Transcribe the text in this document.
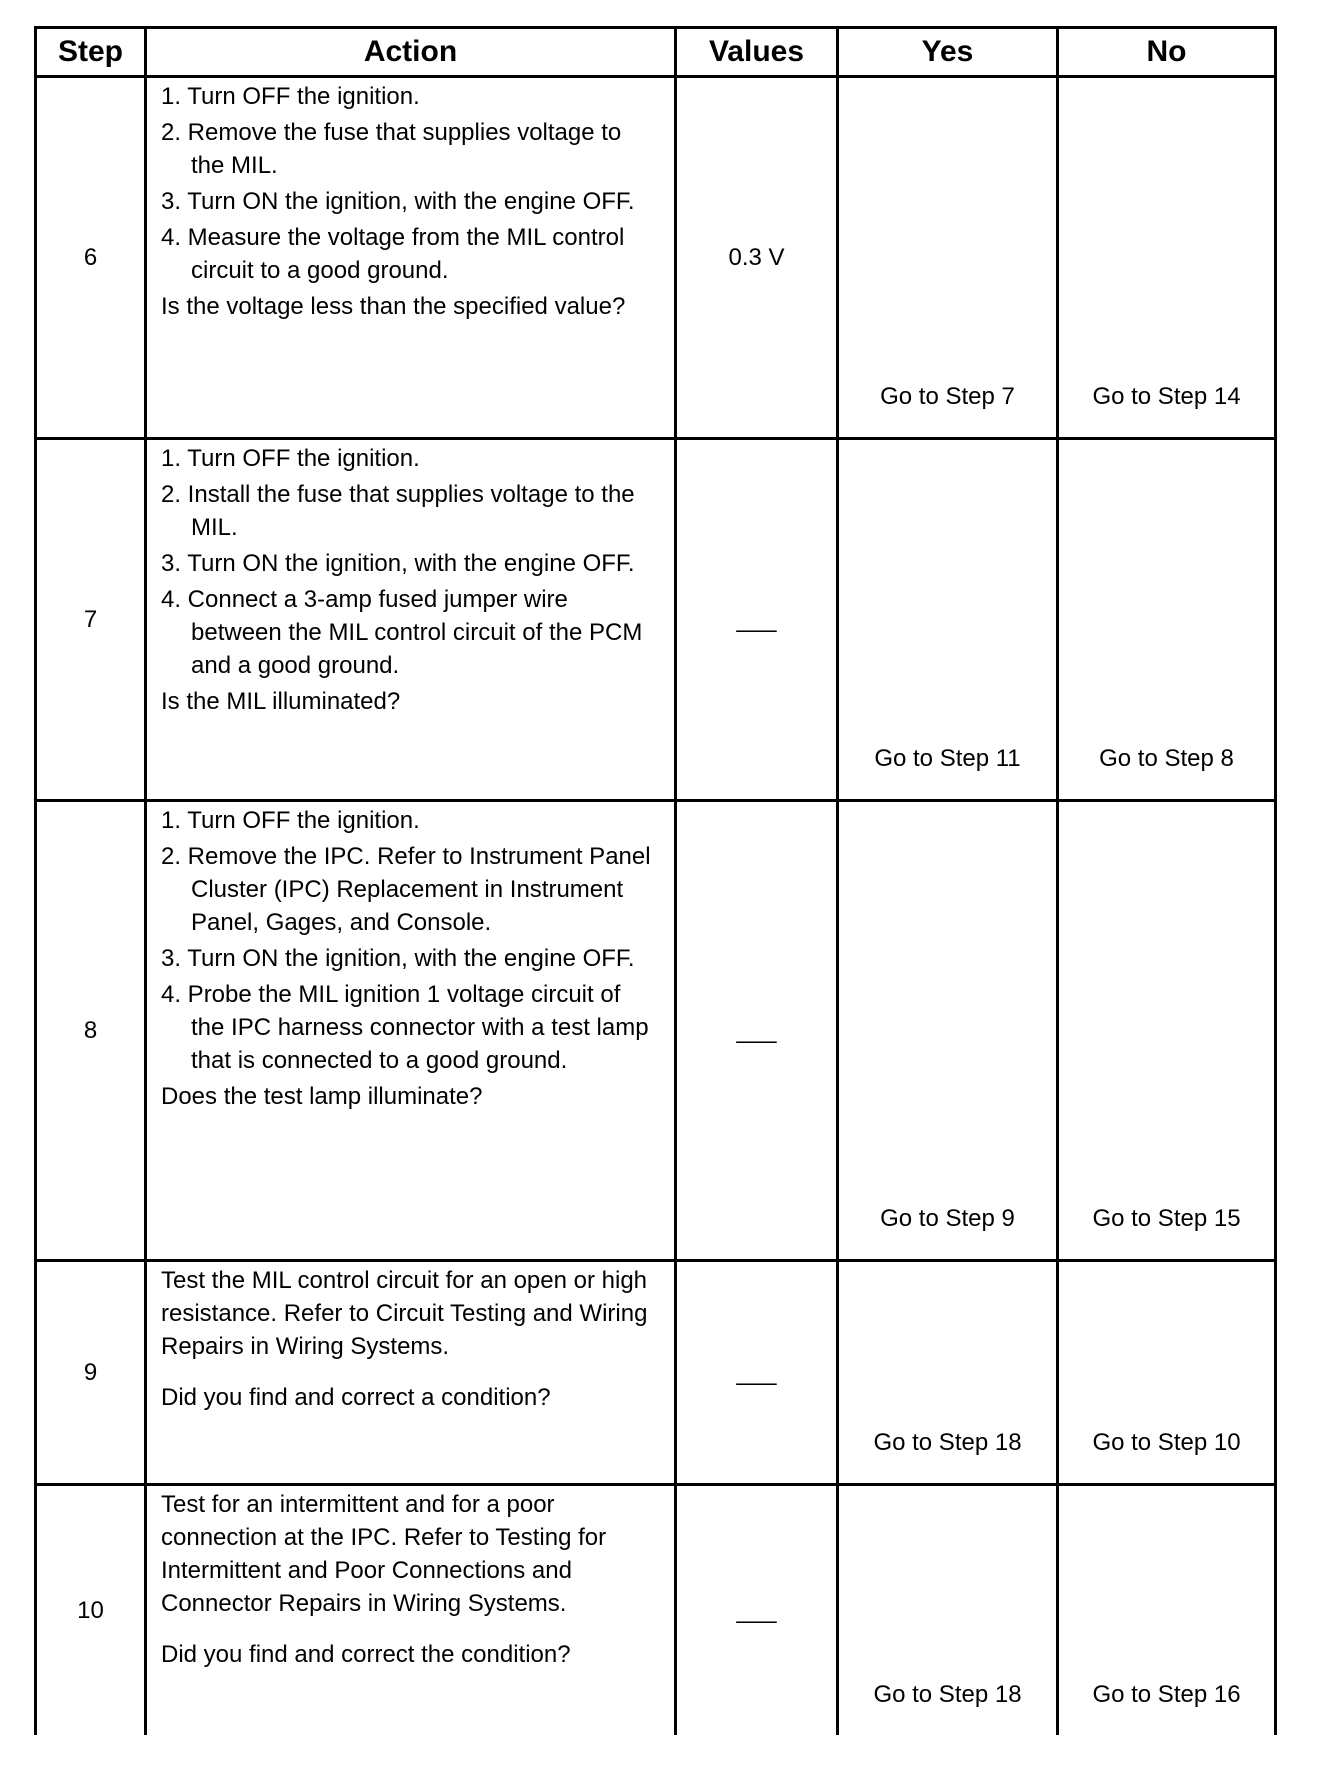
Step	Action	Values	Yes	No
6	1. Turn OFF the ignition.
2. Remove the fuse that supplies voltage to the MIL.
3. Turn ON the ignition, with the engine OFF.
4. Measure the voltage from the MIL control circuit to a good ground.
Is the voltage less than the specified value?	0.3 V	Go to Step 7	Go to Step 14
7	1. Turn OFF the ignition.
2. Install the fuse that supplies voltage to the MIL.
3. Turn ON the ignition, with the engine OFF.
4. Connect a 3-amp fused jumper wire between the MIL control circuit of the PCM and a good ground.
Is the MIL illuminated?	___	Go to Step 11	Go to Step 8
8	1. Turn OFF the ignition.
2. Remove the IPC. Refer to Instrument Panel Cluster (IPC) Replacement in Instrument Panel, Gages, and Console.
3. Turn ON the ignition, with the engine OFF.
4. Probe the MIL ignition 1 voltage circuit of the IPC harness connector with a test lamp that is connected to a good ground.
Does the test lamp illuminate?	___	Go to Step 9	Go to Step 15
9	Test the MIL control circuit for an open or high resistance. Refer to Circuit Testing and Wiring Repairs in Wiring Systems.
Did you find and correct a condition?	___	Go to Step 18	Go to Step 10
10	Test for an intermittent and for a poor connection at the IPC. Refer to Testing for Intermittent and Poor Connections and Connector Repairs in Wiring Systems.
Did you find and correct the condition?	___	Go to Step 18	Go to Step 16
